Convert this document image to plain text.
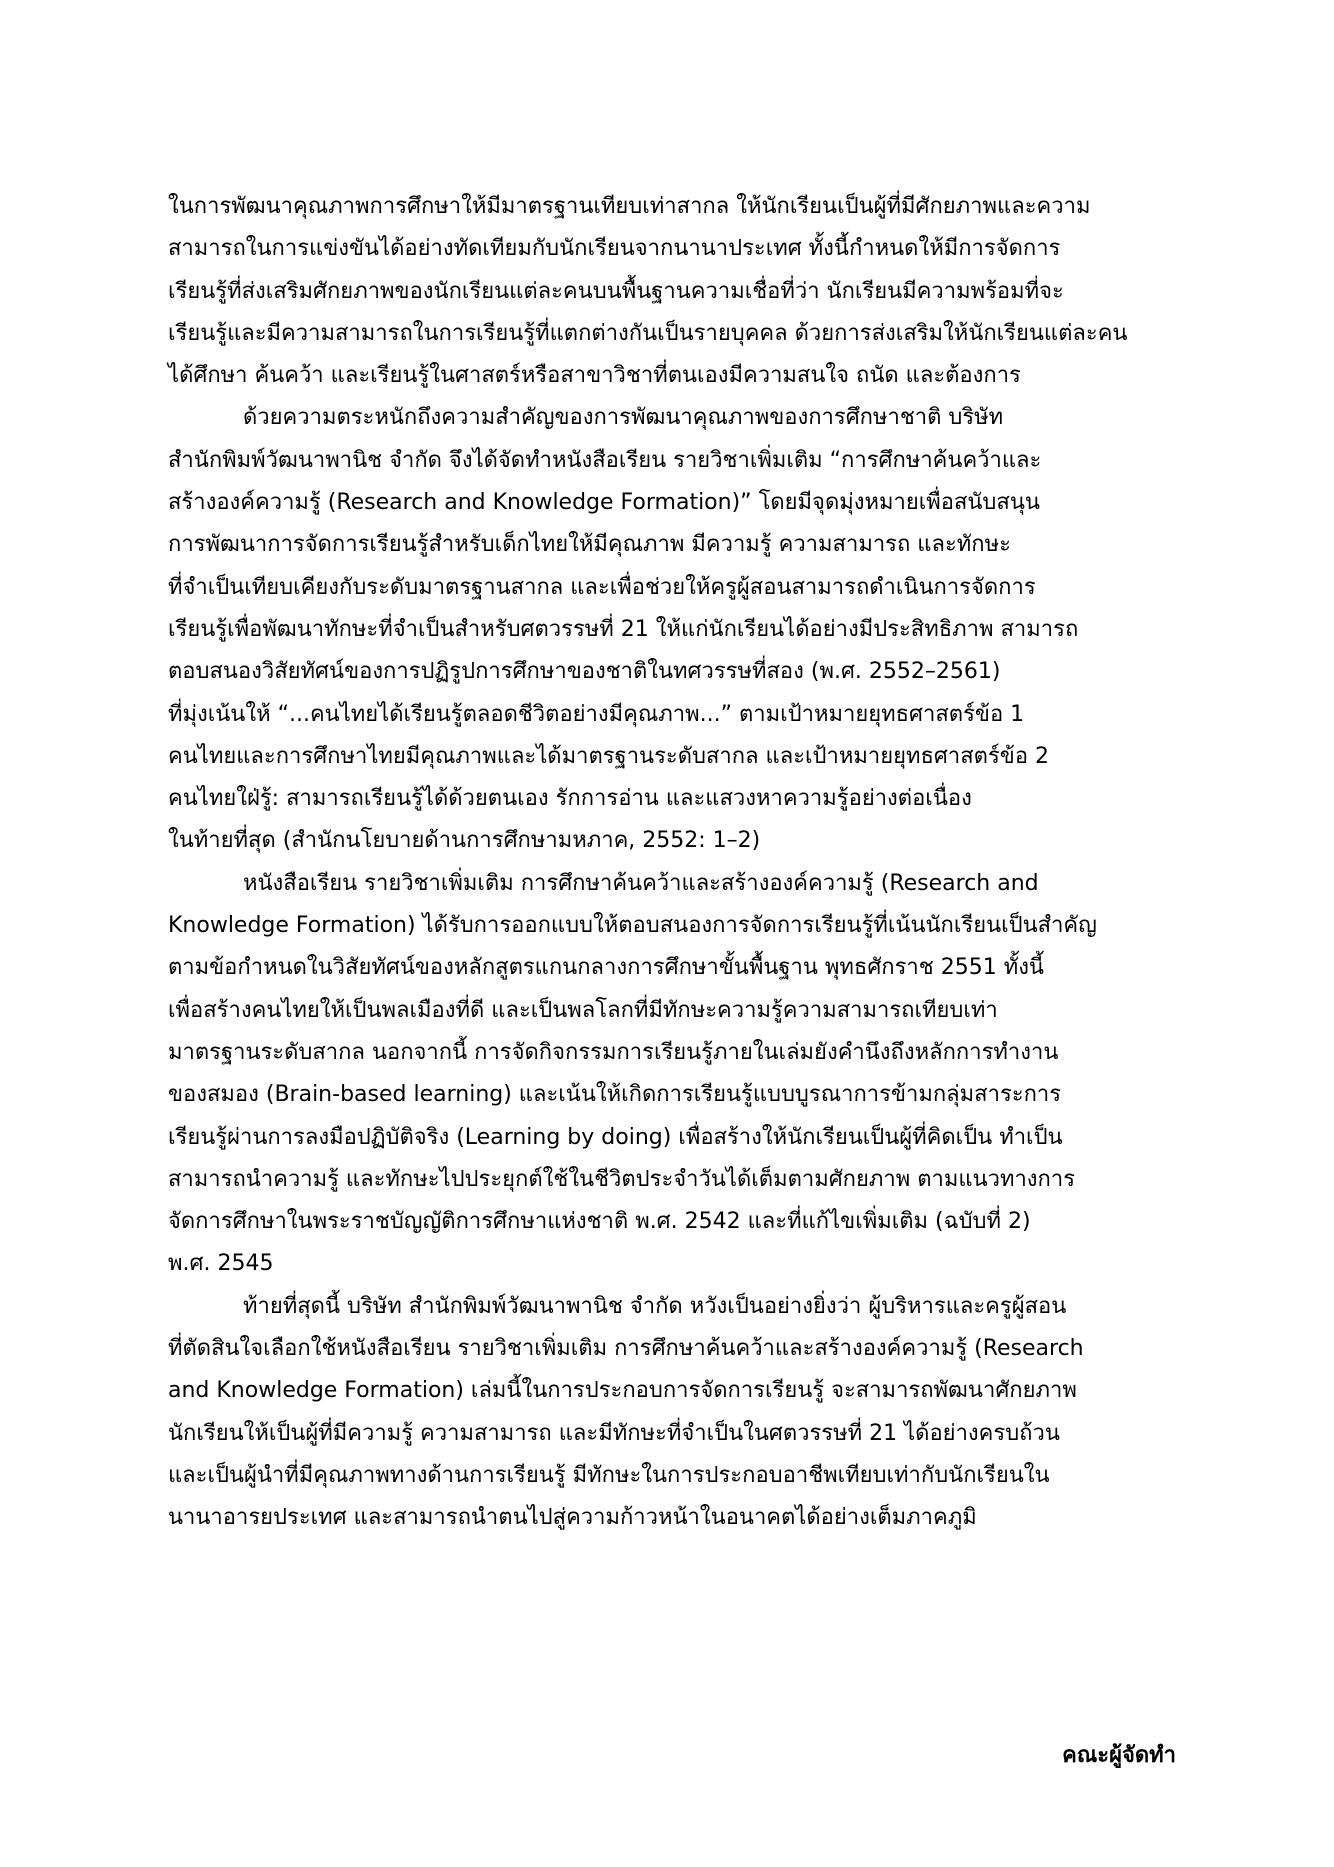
ในการพัฒนาคุณภาพการศึกษาให้มีมาตรฐานเทียบเท่าสากล ให้นักเรียนเป็นผู้ที่มีศักยภาพและความ
สามารถในการแข่งขันได้อย่างทัดเทียมกับนักเรียนจากนานาประเทศ ทั้งนี้กำหนดให้มีการจัดการ
เรียนรู้ที่ส่งเสริมศักยภาพของนักเรียนแต่ละคนบนพื้นฐานความเชื่อที่ว่า นักเรียนมีความพร้อมที่จะ
เรียนรู้และมีความสามารถในการเรียนรู้ที่แตกต่างกันเป็นรายบุคคล ด้วยการส่งเสริมให้นักเรียนแต่ละคน
ได้ศึกษา ค้นคว้า และเรียนรู้ในศาสตร์หรือสาขาวิชาที่ตนเองมีความสนใจ ถนัด และต้องการ
ด้วยความตระหนักถึงความสำคัญของการพัฒนาคุณภาพของการศึกษาชาติ บริษัท
สำนักพิมพ์วัฒนาพานิช จำกัด จึงได้จัดทำหนังสือเรียน รายวิชาเพิ่มเติม “การศึกษาค้นคว้าและ
สร้างองค์ความรู้ (Research and Knowledge Formation)” โดยมีจุดมุ่งหมายเพื่อสนับสนุน
การพัฒนาการจัดการเรียนรู้สำหรับเด็กไทยให้มีคุณภาพ มีความรู้ ความสามารถ และทักษะ
ที่จำเป็นเทียบเคียงกับระดับมาตรฐานสากล และเพื่อช่วยให้ครูผู้สอนสามารถดำเนินการจัดการ
เรียนรู้เพื่อพัฒนาทักษะที่จำเป็นสำหรับศตวรรษที่ 21 ให้แก่นักเรียนได้อย่างมีประสิทธิภาพ สามารถ
ตอบสนองวิสัยทัศน์ของการปฏิรูปการศึกษาของชาติในทศวรรษที่สอง (พ.ศ. 2552–2561)
ที่มุ่งเน้นให้ “...คนไทยได้เรียนรู้ตลอดชีวิตอย่างมีคุณภาพ...” ตามเป้าหมายยุทธศาสตร์ข้อ 1
คนไทยและการศึกษาไทยมีคุณภาพและได้มาตรฐานระดับสากล และเป้าหมายยุทธศาสตร์ข้อ 2
คนไทยใฝ่รู้: สามารถเรียนรู้ได้ด้วยตนเอง รักการอ่าน และแสวงหาความรู้อย่างต่อเนื่อง
ในท้ายที่สุด (สำนักนโยบายด้านการศึกษามหภาค, 2552: 1–2)
หนังสือเรียน รายวิชาเพิ่มเติม การศึกษาค้นคว้าและสร้างองค์ความรู้ (Research and
Knowledge Formation) ได้รับการออกแบบให้ตอบสนองการจัดการเรียนรู้ที่เน้นนักเรียนเป็นสำคัญ
ตามข้อกำหนดในวิสัยทัศน์ของหลักสูตรแกนกลางการศึกษาขั้นพื้นฐาน พุทธศักราช 2551 ทั้งนี้
เพื่อสร้างคนไทยให้เป็นพลเมืองที่ดี และเป็นพลโลกที่มีทักษะความรู้ความสามารถเทียบเท่า
มาตรฐานระดับสากล นอกจากนี้ การจัดกิจกรรมการเรียนรู้ภายในเล่มยังคำนึงถึงหลักการทำงาน
ของสมอง (Brain-based learning) และเน้นให้เกิดการเรียนรู้แบบบูรณาการข้ามกลุ่มสาระการ
เรียนรู้ผ่านการลงมือปฏิบัติจริง (Learning by doing) เพื่อสร้างให้นักเรียนเป็นผู้ที่คิดเป็น ทำเป็น
สามารถนำความรู้ และทักษะไปประยุกต์ใช้ในชีวิตประจำวันได้เต็มตามศักยภาพ ตามแนวทางการ
จัดการศึกษาในพระราชบัญญัติการศึกษาแห่งชาติ พ.ศ. 2542 และที่แก้ไขเพิ่มเติม (ฉบับที่ 2)
พ.ศ. 2545
ท้ายที่สุดนี้ บริษัท สำนักพิมพ์วัฒนาพานิช จำกัด หวังเป็นอย่างยิ่งว่า ผู้บริหารและครูผู้สอน
ที่ตัดสินใจเลือกใช้หนังสือเรียน รายวิชาเพิ่มเติม การศึกษาค้นคว้าและสร้างองค์ความรู้ (Research
and Knowledge Formation) เล่มนี้ในการประกอบการจัดการเรียนรู้ จะสามารถพัฒนาศักยภาพ
นักเรียนให้เป็นผู้ที่มีความรู้ ความสามารถ และมีทักษะที่จำเป็นในศตวรรษที่ 21 ได้อย่างครบถ้วน
และเป็นผู้นำที่มีคุณภาพทางด้านการเรียนรู้ มีทักษะในการประกอบอาชีพเทียบเท่ากับนักเรียนใน
นานาอารยประเทศ และสามารถนำตนไปสู่ความก้าวหน้าในอนาคตได้อย่างเต็มภาคภูมิ
คณะผู้จัดทำ
